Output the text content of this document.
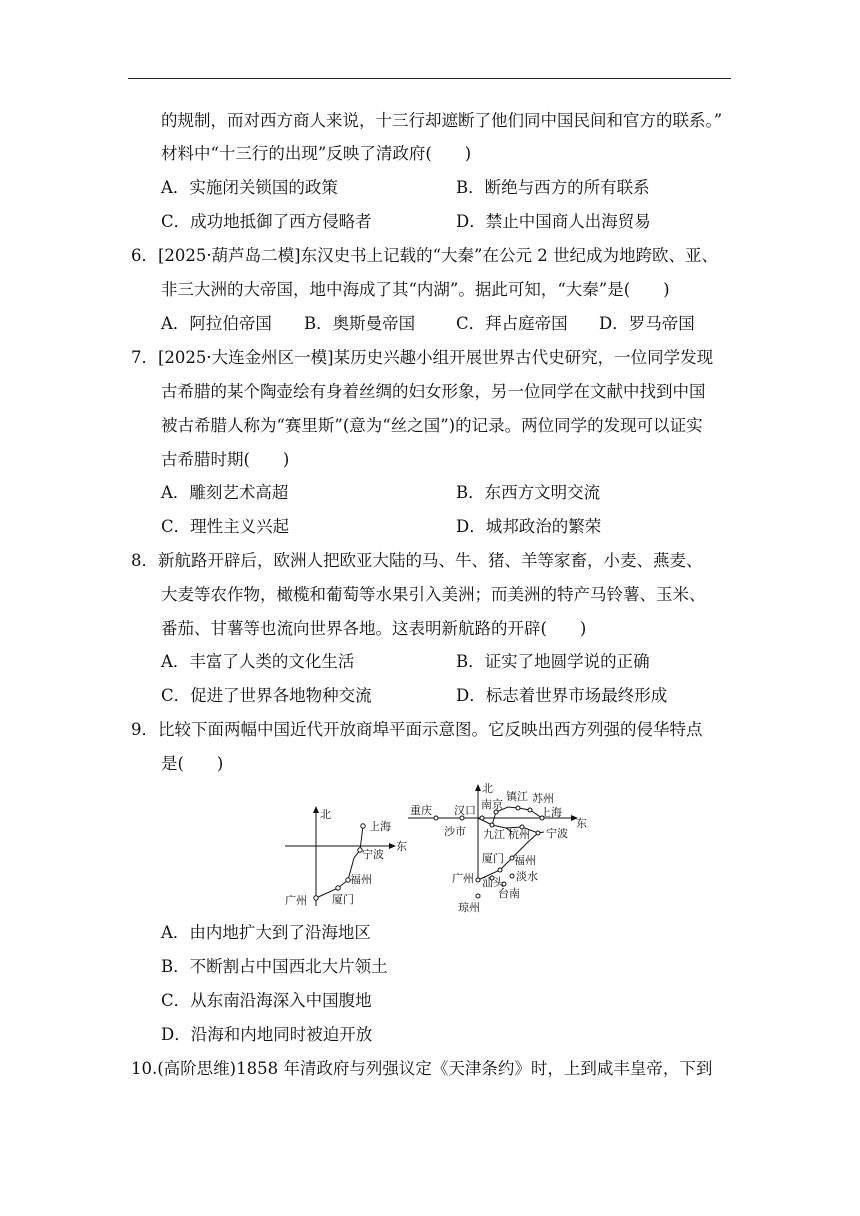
的规制，而对西方商人来说，十三行却遮断了他们同中国民间和官方的联系。”
材料中“十三行的出现”反映了清政府(　　)
A．实施闭关锁国的政策	B．断绝与西方的所有联系
C．成功地抵御了西方侵略者	D．禁止中国商人出海贸易
6．[2025·葫芦岛二模]东汉史书上记载的“大秦”在公元 2 世纪成为地跨欧、亚、
非三大洲的大帝国，地中海成了其“内湖”。据此可知，“大秦”是(　　)
A．阿拉伯帝国 B．奥斯曼帝国 C．拜占庭帝国 D．罗马帝国
7．[2025·大连金州区一模]某历史兴趣小组开展世界古代史研究，一位同学发现
古希腊的某个陶壶绘有身着丝绸的妇女形象，另一位同学在文献中找到中国
被古希腊人称为“赛里斯”(意为“丝之国”)的记录。两位同学的发现可以证实
古希腊时期(　　)
A．雕刻艺术高超	B．东西方文明交流
C．理性主义兴起	D．城邦政治的繁荣
8．新航路开辟后，欧洲人把欧亚大陆的马、牛、猪、羊等家畜，小麦、燕麦、
大麦等农作物，橄榄和葡萄等水果引入美洲；而美洲的特产马铃薯、玉米、
番茄、甘薯等也流向世界各地。这表明新航路的开辟(　　)
A．丰富了人类的文化生活	B．证实了地圆学说的正确
C．促进了世界各地物种交流	D．标志着世界市场最终形成
9．比较下面两幅中国近代开放商埠平面示意图。它反映出西方列强的侵华特点
是(　　)
北
东
上海
宁波
福州
厦门
广州
北
东
重庆 汉口 南京
镇江 苏州
上海
沙市 九江 杭州 宁波
厦门 福州
广州 汕头 淡水
台南
琼州
A．由内地扩大到了沿海地区
B．不断割占中国西北大片领土
C．从东南沿海深入中国腹地
D．沿海和内地同时被迫开放
10.(高阶思维)1858 年清政府与列强议定《天津条约》时，上到咸丰皇帝，下到
